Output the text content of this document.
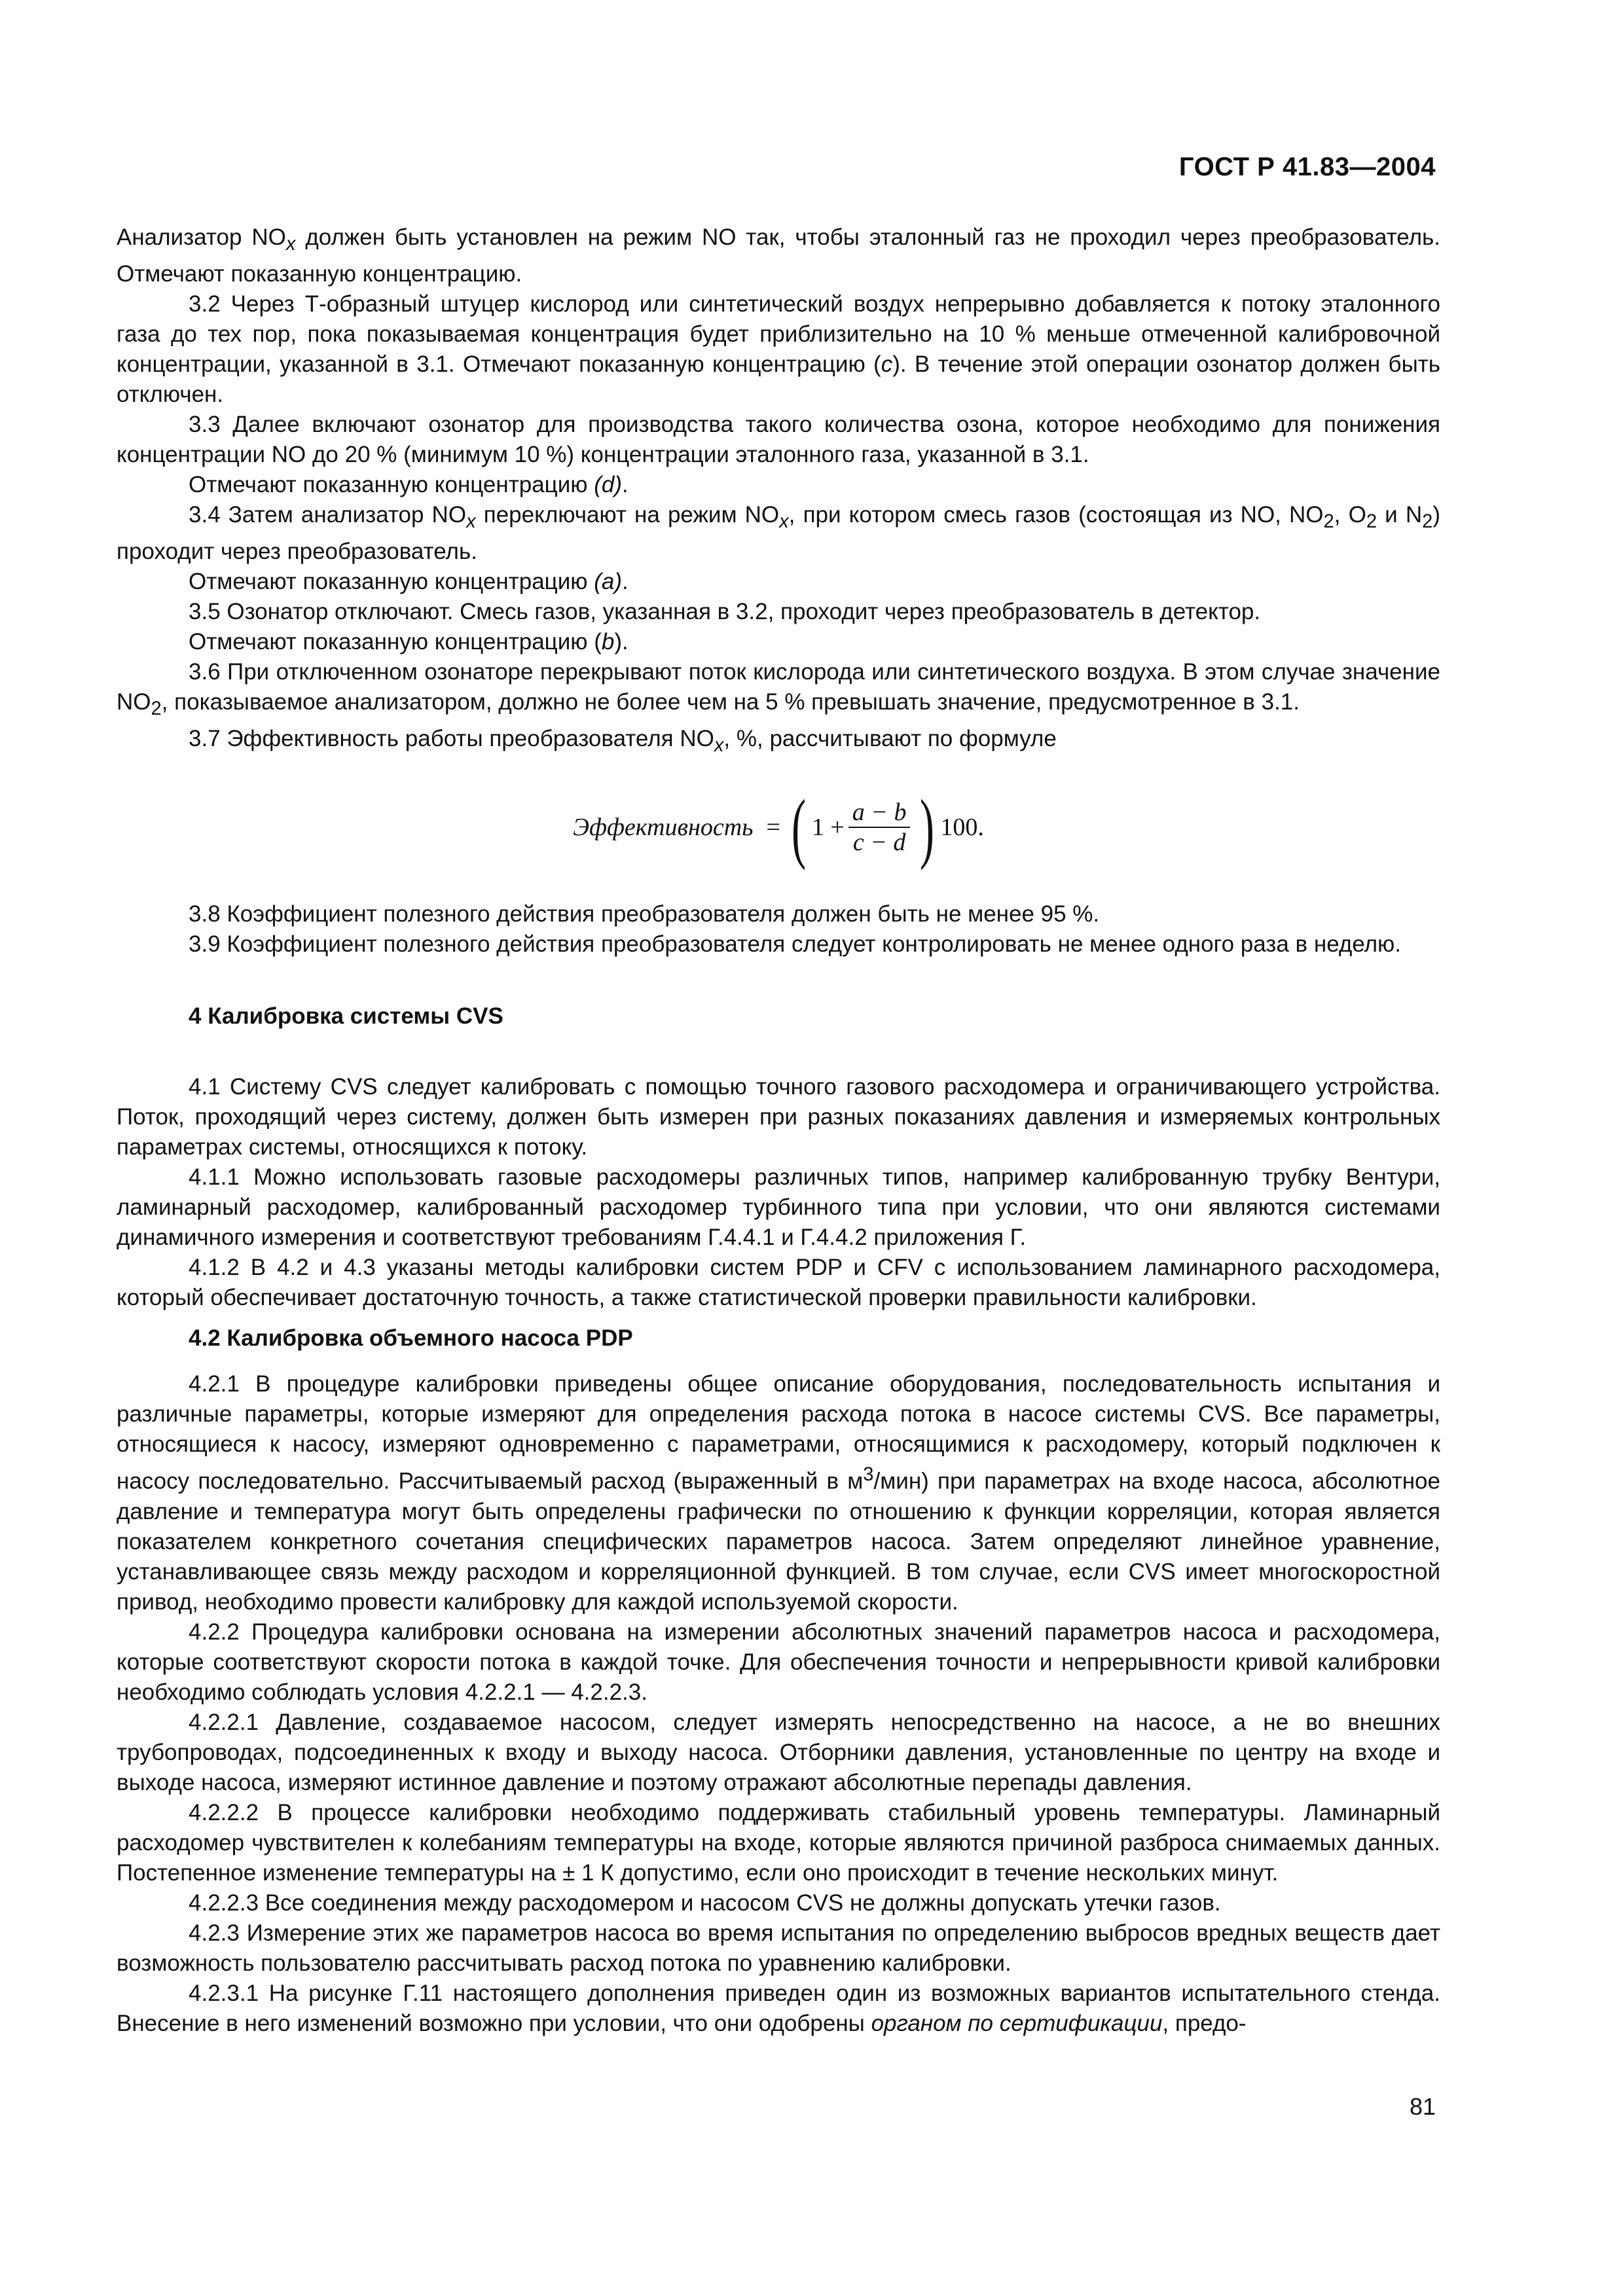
ГОСТ Р 41.83—2004

Анализатор $NO_x$ должен быть установлен на режим NO так, чтобы эталонный газ не проходил через преобразователь. Отмечают показанную концентрацию.

3.2 Через Т-образный штуцер кислород или синтетический воздух непрерывно добавляется к потоку эталонного газа до тех пор, пока показываемая концентрация будет приблизительно на 10 % меньше отмеченной калибровочной концентрации, указанной в 3.1. Отмечают показанную концентрацию (c). В течение этой операции озонатор должен быть отключен.

3.3 Далее включают озонатор для производства такого количества озона, которое необходимо для понижения концентрации NO до 20 % (минимум 10 %) концентрации эталонного газа, указанной в 3.1.

Отмечают показанную концентрацию (d).

3.4 Затем анализатор $NO_x$ переключают на режим $NO_x$, при котором смесь газов (состоящая из NO, $NO_2$, $O_2$ и $N_2$) проходит через преобразователь.

Отмечают показанную концентрацию (a).

3.5 Озонатор отключают. Смесь газов, указанная в 3.2, проходит через преобразователь в детектор.

Отмечают показанную концентрацию (b).

3.6 При отключенном озонаторе перекрывают поток кислорода или синтетического воздуха. В этом случае значение $NO_2$, показываемое анализатором, должно не более чем на 5 % превышать значение, предусмотренное в 3.1.

3.7 Эффективность работы преобразователя $NO_x$, %, рассчитывают по формуле

Эффективность = ( $1 + \frac{a - b}{c - d}$ ) 100.

3.8 Коэффициент полезного действия преобразователя должен быть не менее 95 %.

3.9 Коэффициент полезного действия преобразователя следует контролировать не менее одного раза в неделю.

4 Калибровка системы CVS

4.1 Систему CVS следует калибровать с помощью точного газового расходомера и ограничивающего устройства. Поток, проходящий через систему, должен быть измерен при разных показаниях давления и измеряемых контрольных параметрах системы, относящихся к потоку.

4.1.1 Можно использовать газовые расходомеры различных типов, например калиброванную трубку Вентури, ламинарный расходомер, калиброванный расходомер турбинного типа при условии, что они являются системами динамичного измерения и соответствуют требованиям Г.4.4.1 и Г.4.4.2 приложения Г.

4.1.2 В 4.2 и 4.3 указаны методы калибровки систем PDP и CFV с использованием ламинарного расходомера, который обеспечивает достаточную точность, а также статистической проверки правильности калибровки.

4.2 Калибровка объемного насоса PDP

4.2.1 В процедуре калибровки приведены общее описание оборудования, последовательность испытания и различные параметры, которые измеряют для определения расхода потока в насосе системы CVS. Все параметры, относящиеся к насосу, измеряют одновременно с параметрами, относящимися к расходомеру, который подключен к насосу последовательно. Рассчитываемый расход (выраженный в $м^3/мин$) при параметрах на входе насоса, абсолютное давление и температура могут быть определены графически по отношению к функции корреляции, которая является показателем конкретного сочетания специфических параметров насоса. Затем определяют линейное уравнение, устанавливающее связь между расходом и корреляционной функцией. В том случае, если CVS имеет многоскоростной привод, необходимо провести калибровку для каждой используемой скорости.

4.2.2 Процедура калибровки основана на измерении абсолютных значений параметров насоса и расходомера, которые соответствуют скорости потока в каждой точке. Для обеспечения точности и непрерывности кривой калибровки необходимо соблюдать условия 4.2.2.1 — 4.2.2.3.

4.2.2.1 Давление, создаваемое насосом, следует измерять непосредственно на насосе, а не во внешних трубопроводах, подсоединенных к входу и выходу насоса. Отборники давления, установленные по центру на входе и выходе насоса, измеряют истинное давление и поэтому отражают абсолютные перепады давления.

4.2.2.2 В процессе калибровки необходимо поддерживать стабильный уровень температуры. Ламинарный расходомер чувствителен к колебаниям температуры на входе, которые являются причиной разброса снимаемых данных. Постепенное изменение температуры на ± 1 К допустимо, если оно происходит в течение нескольких минут.

4.2.2.3 Все соединения между расходомером и насосом CVS не должны допускать утечки газов.

4.2.3 Измерение этих же параметров насоса во время испытания по определению выбросов вредных веществ дает возможность пользователю рассчитывать расход потока по уравнению калибровки.

4.2.3.1 На рисунке Г.11 настоящего дополнения приведен один из возможных вариантов испытательного стенда. Внесение в него изменений возможно при условии, что они одобрены органом по сертификации, предо-

81
